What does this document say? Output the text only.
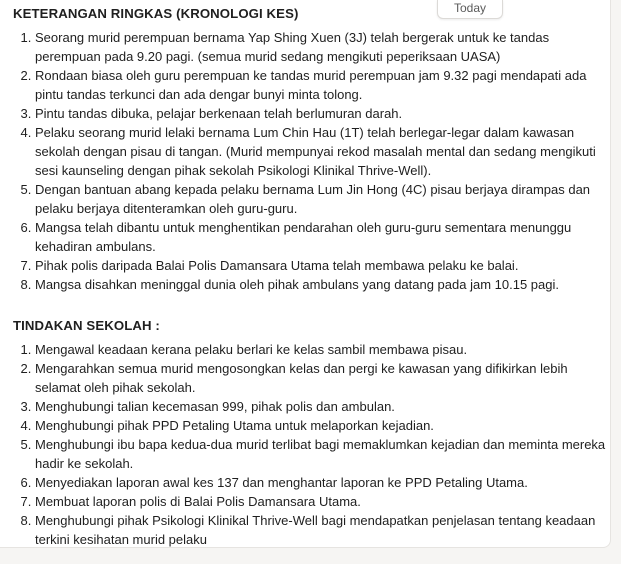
KETERANGAN RINGKAS (KRONOLOGI KES)
1. Seorang murid perempuan bernama Yap Shing Xuen (3J) telah bergerak untuk ke tandas perempuan pada 9.20 pagi. (semua murid sedang mengikuti peperiksaan UASA)
2. Rondaan biasa oleh guru perempuan ke tandas murid perempuan jam 9.32 pagi mendapati ada pintu tandas terkunci dan ada dengar bunyi minta tolong.
3. Pintu tandas dibuka, pelajar berkenaan telah berlumuran darah.
4. Pelaku seorang murid lelaki bernama Lum Chin Hau (1T) telah berlegar-legar dalam kawasan sekolah dengan pisau di tangan. (Murid mempunyai rekod masalah mental dan sedang mengikuti sesi kaunseling dengan pihak sekolah Psikologi Klinikal Thrive-Well).
5. Dengan bantuan abang kepada pelaku bernama Lum Jin Hong (4C) pisau berjaya dirampas dan pelaku berjaya ditenteramkan oleh guru-guru.
6. Mangsa telah dibantu untuk menghentikan pendarahan oleh guru-guru sementara menunggu kehadiran ambulans.
7. Pihak polis daripada Balai Polis Damansara Utama telah membawa pelaku ke balai.
8. Mangsa disahkan meninggal dunia oleh pihak ambulans yang datang pada jam 10.15 pagi.
TINDAKAN SEKOLAH :
1. Mengawal keadaan kerana pelaku berlari ke kelas sambil membawa pisau.
2. Mengarahkan semua murid mengosongkan kelas dan pergi ke kawasan yang difikirkan lebih selamat oleh pihak sekolah.
3. Menghubungi talian kecemasan 999, pihak polis dan ambulan.
4. Menghubungi pihak PPD Petaling Utama untuk melaporkan kejadian.
5. Menghubungi ibu bapa kedua-dua murid terlibat bagi memaklumkan kejadian dan meminta mereka hadir ke sekolah.
6. Menyediakan laporan awal kes 137 dan menghantar laporan ke PPD Petaling Utama.
7. Membuat laporan polis di Balai Polis Damansara Utama.
8. Menghubungi pihak Psikologi Klinikal Thrive-Well bagi mendapatkan penjelasan tentang keadaan terkini kesihatan murid pelaku
Today
